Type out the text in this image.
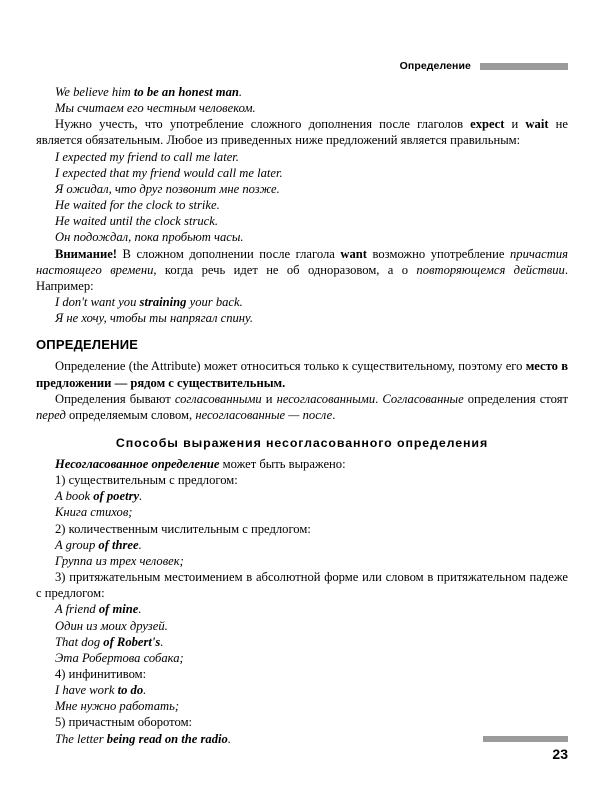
Определение

We believe him to be an honest man.

Мы считаем его честным человеком.

Нужно учесть, что употребление сложного дополнения после глаголов expect и wait не является обязательным. Любое из приведенных ниже предложений является правильным:

I expected my friend to call me later.

I expected that my friend would call me later.

Я ожидал, что друг позвонит мне позже.

He waited for the clock to strike.

He waited until the clock struck.

Он подождал, пока пробьют часы.

Внимание! В сложном дополнении после глагола want возможно употребление причастия настоящего времени, когда речь идет не об одноразовом, а о повторяющемся действии. Например:

I don't want you straining your back.

Я не хочу, чтобы ты напрягал спину.

ОПРЕДЕЛЕНИЕ

Определение (the Attribute) может относиться только к существительному, поэтому его место в предложении — рядом с существительным.

Определения бывают согласованными и несогласованными. Согласованные определения стоят перед определяемым словом, несогласованные — после.

Способы выражения несогласованного определения

Несогласованное определение может быть выражено:

1) существительным с предлогом:

A book of poetry.

Книга стихов;

2) количественным числительным с предлогом:

A group of three.

Группа из трех человек;

3) притяжательным местоимением в абсолютной форме или словом в притяжательном падеже с предлогом:

A friend of mine.

Один из моих друзей.

That dog of Robert's.

Эта Робертова собака;

4) инфинитивом:

I have work to do.

Мне нужно работать;

5) причастным оборотом:

The letter being read on the radio.

23
